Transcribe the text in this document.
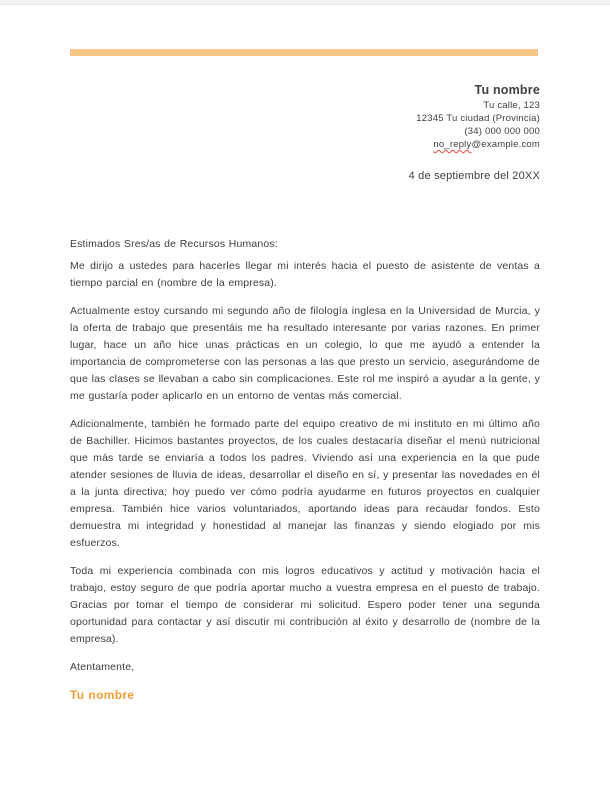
Tu nombre
Tu calle, 123
12345 Tu ciudad (Provincia)
(34) 000 000 000
no_reply@example.com
4 de septiembre del 20XX

Estimados Sres/as de Recursos Humanos:

Me dirijo a ustedes para hacerles llegar mi interés hacia el puesto de asistente de ventas a tiempo parcial en (nombre de la empresa).

Actualmente estoy cursando mi segundo año de filología inglesa en la Universidad de Murcia, y la oferta de trabajo que presentáis me ha resultado interesante por varias razones. En primer lugar, hace un año hice unas prácticas en un colegio, lo que me ayudó a entender la importancia de comprometerse con las personas a las que presto un servicio, asegurándome de que las clases se llevaban a cabo sin complicaciones. Este rol me inspiró a ayudar a la gente, y me gustaría poder aplicarlo en un entorno de ventas más comercial.

Adicionalmente, también he formado parte del equipo creativo de mi instituto en mi último año de Bachiller. Hicimos bastantes proyectos, de los cuales destacaría diseñar el menú nutricional que más tarde se enviaría a todos los padres. Viviendo así una experiencia en la que pude atender sesiones de lluvia de ideas, desarrollar el diseño en sí, y presentar las novedades en él a la junta directiva; hoy puedo ver cómo podría ayudarme en futuros proyectos en cualquier empresa. También hice varios voluntariados, aportando ideas para recaudar fondos. Esto demuestra mi integridad y honestidad al manejar las finanzas y siendo elogiado por mis esfuerzos.

Toda mi experiencia combinada con mis logros educativos y actitud y motivación hacia el trabajo, estoy seguro de que podría aportar mucho a vuestra empresa en el puesto de trabajo. Gracias por tomar el tiempo de considerar mi solicitud. Espero poder tener una segunda oportunidad para contactar y así discutir mi contribución al éxito y desarrollo de (nombre de la empresa).

Atentamente,

Tu nombre
